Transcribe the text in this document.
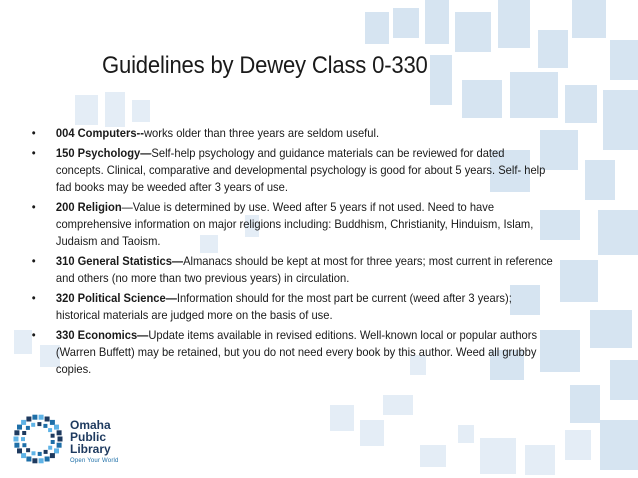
Guidelines by Dewey Class 0-330
• 004 Computers--works older than three years are seldom useful.
• 150 Psychology—Self-help psychology and guidance materials can be reviewed for dated concepts. Clinical, comparative and developmental psychology is good for about 5 years. Self- help fad books may be weeded after 3 years of use.
• 200 Religion—Value is determined by use. Weed after 5 years if not used. Need to have comprehensive information on major religions including: Buddhism, Christianity, Hinduism, Islam, Judaism and Taoism.
• 310 General Statistics—Almanacs should be kept at most for three years; most current in reference and others (no more than two previous years) in circulation.
• 320 Political Science—Information should for the most part be current (weed after 3 years); historical materials are judged more on the basis of use.
• 330 Economics—Update items available in revised editions. Well-known local or popular authors (Warren Buffett) may be retained, but you do not need every book by this author. Weed all grubby copies.
Omaha
Public
Library
Open Your World
